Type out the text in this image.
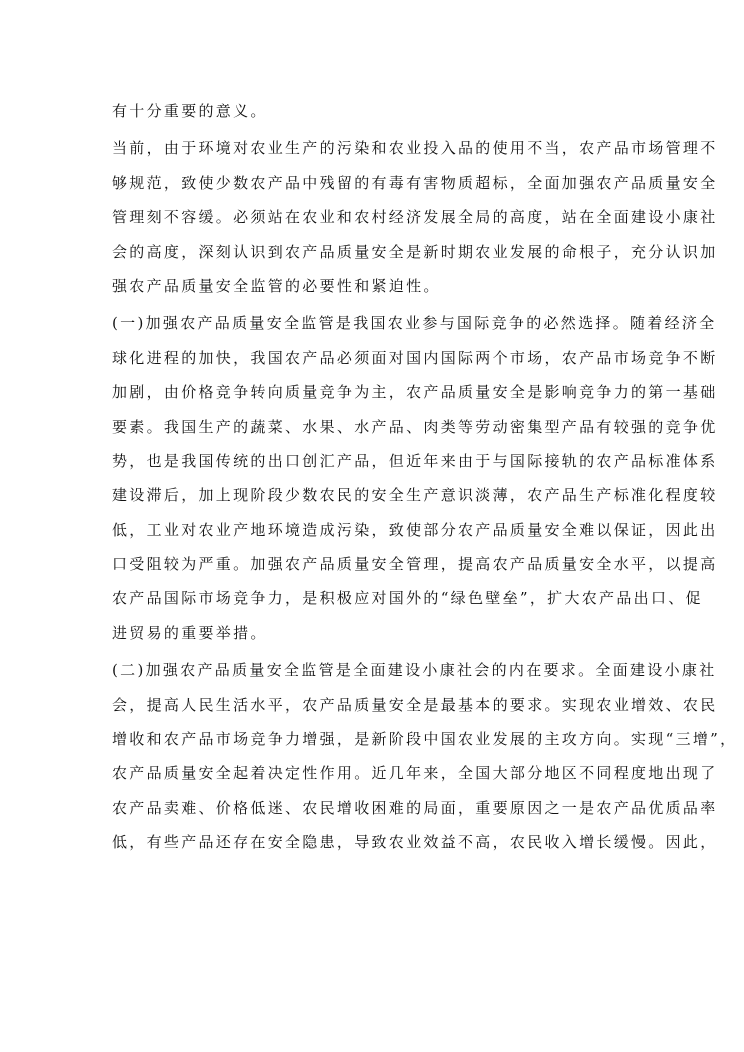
有十分重要的意义。
当前，由于环境对农业生产的污染和农业投入品的使用不当，农产品市场管理不
够规范，致使少数农产品中残留的有毒有害物质超标，全面加强农产品质量安全
管理刻不容缓。必须站在农业和农村经济发展全局的高度，站在全面建设小康社
会的高度，深刻认识到农产品质量安全是新时期农业发展的命根子，充分认识加
强农产品质量安全监管的必要性和紧迫性。
(一)加强农产品质量安全监管是我国农业参与国际竞争的必然选择。随着经济全
球化进程的加快，我国农产品必须面对国内国际两个市场，农产品市场竞争不断
加剧，由价格竞争转向质量竞争为主，农产品质量安全是影响竞争力的第一基础
要素。我国生产的蔬菜、水果、水产品、肉类等劳动密集型产品有较强的竞争优
势，也是我国传统的出口创汇产品，但近年来由于与国际接轨的农产品标准体系
建设滞后，加上现阶段少数农民的安全生产意识淡薄，农产品生产标准化程度较
低，工业对农业产地环境造成污染，致使部分农产品质量安全难以保证，因此出
口受阻较为严重。加强农产品质量安全管理，提高农产品质量安全水平，以提高
农产品国际市场竞争力，是积极应对国外的“绿色壁垒”，扩大农产品出口、促
进贸易的重要举措。
(二)加强农产品质量安全监管是全面建设小康社会的内在要求。全面建设小康社
会，提高人民生活水平，农产品质量安全是最基本的要求。实现农业增效、农民
增收和农产品市场竞争力增强，是新阶段中国农业发展的主攻方向。实现“三增”，
农产品质量安全起着决定性作用。近几年来，全国大部分地区不同程度地出现了
农产品卖难、价格低迷、农民增收困难的局面，重要原因之一是农产品优质品率
低，有些产品还存在安全隐患，导致农业效益不高，农民收入增长缓慢。因此，
